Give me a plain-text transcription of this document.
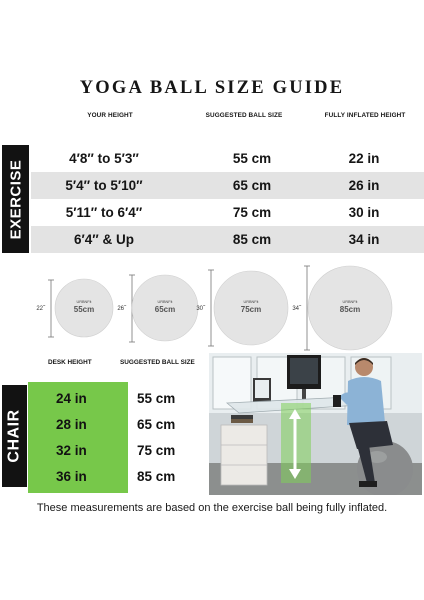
YOGA BALL SIZE GUIDE
YOUR HEIGHT	SUGGESTED BALL SIZE	FULLY INFLATED HEIGHT
EXERCISE
4′8″ to 5′3″	55 cm	22 in
5′4″ to 5′10″	65 cm	26 in
5′11″ to 6′4″	75 cm	30 in
6′4″ & Up	85 cm	34 in
22˝
URBNFit
55cm	26˝
URBNFit
65cm	30˝
URBNFit
75cm	34˝
URBNFit
85cm
DESK HEIGHT	SUGGESTED BALL SIZE
CHAIR
24 in	55 cm
28 in	65 cm
32 in	75 cm
36 in	85 cm
These measurements are based on the exercise ball being fully inflated.
